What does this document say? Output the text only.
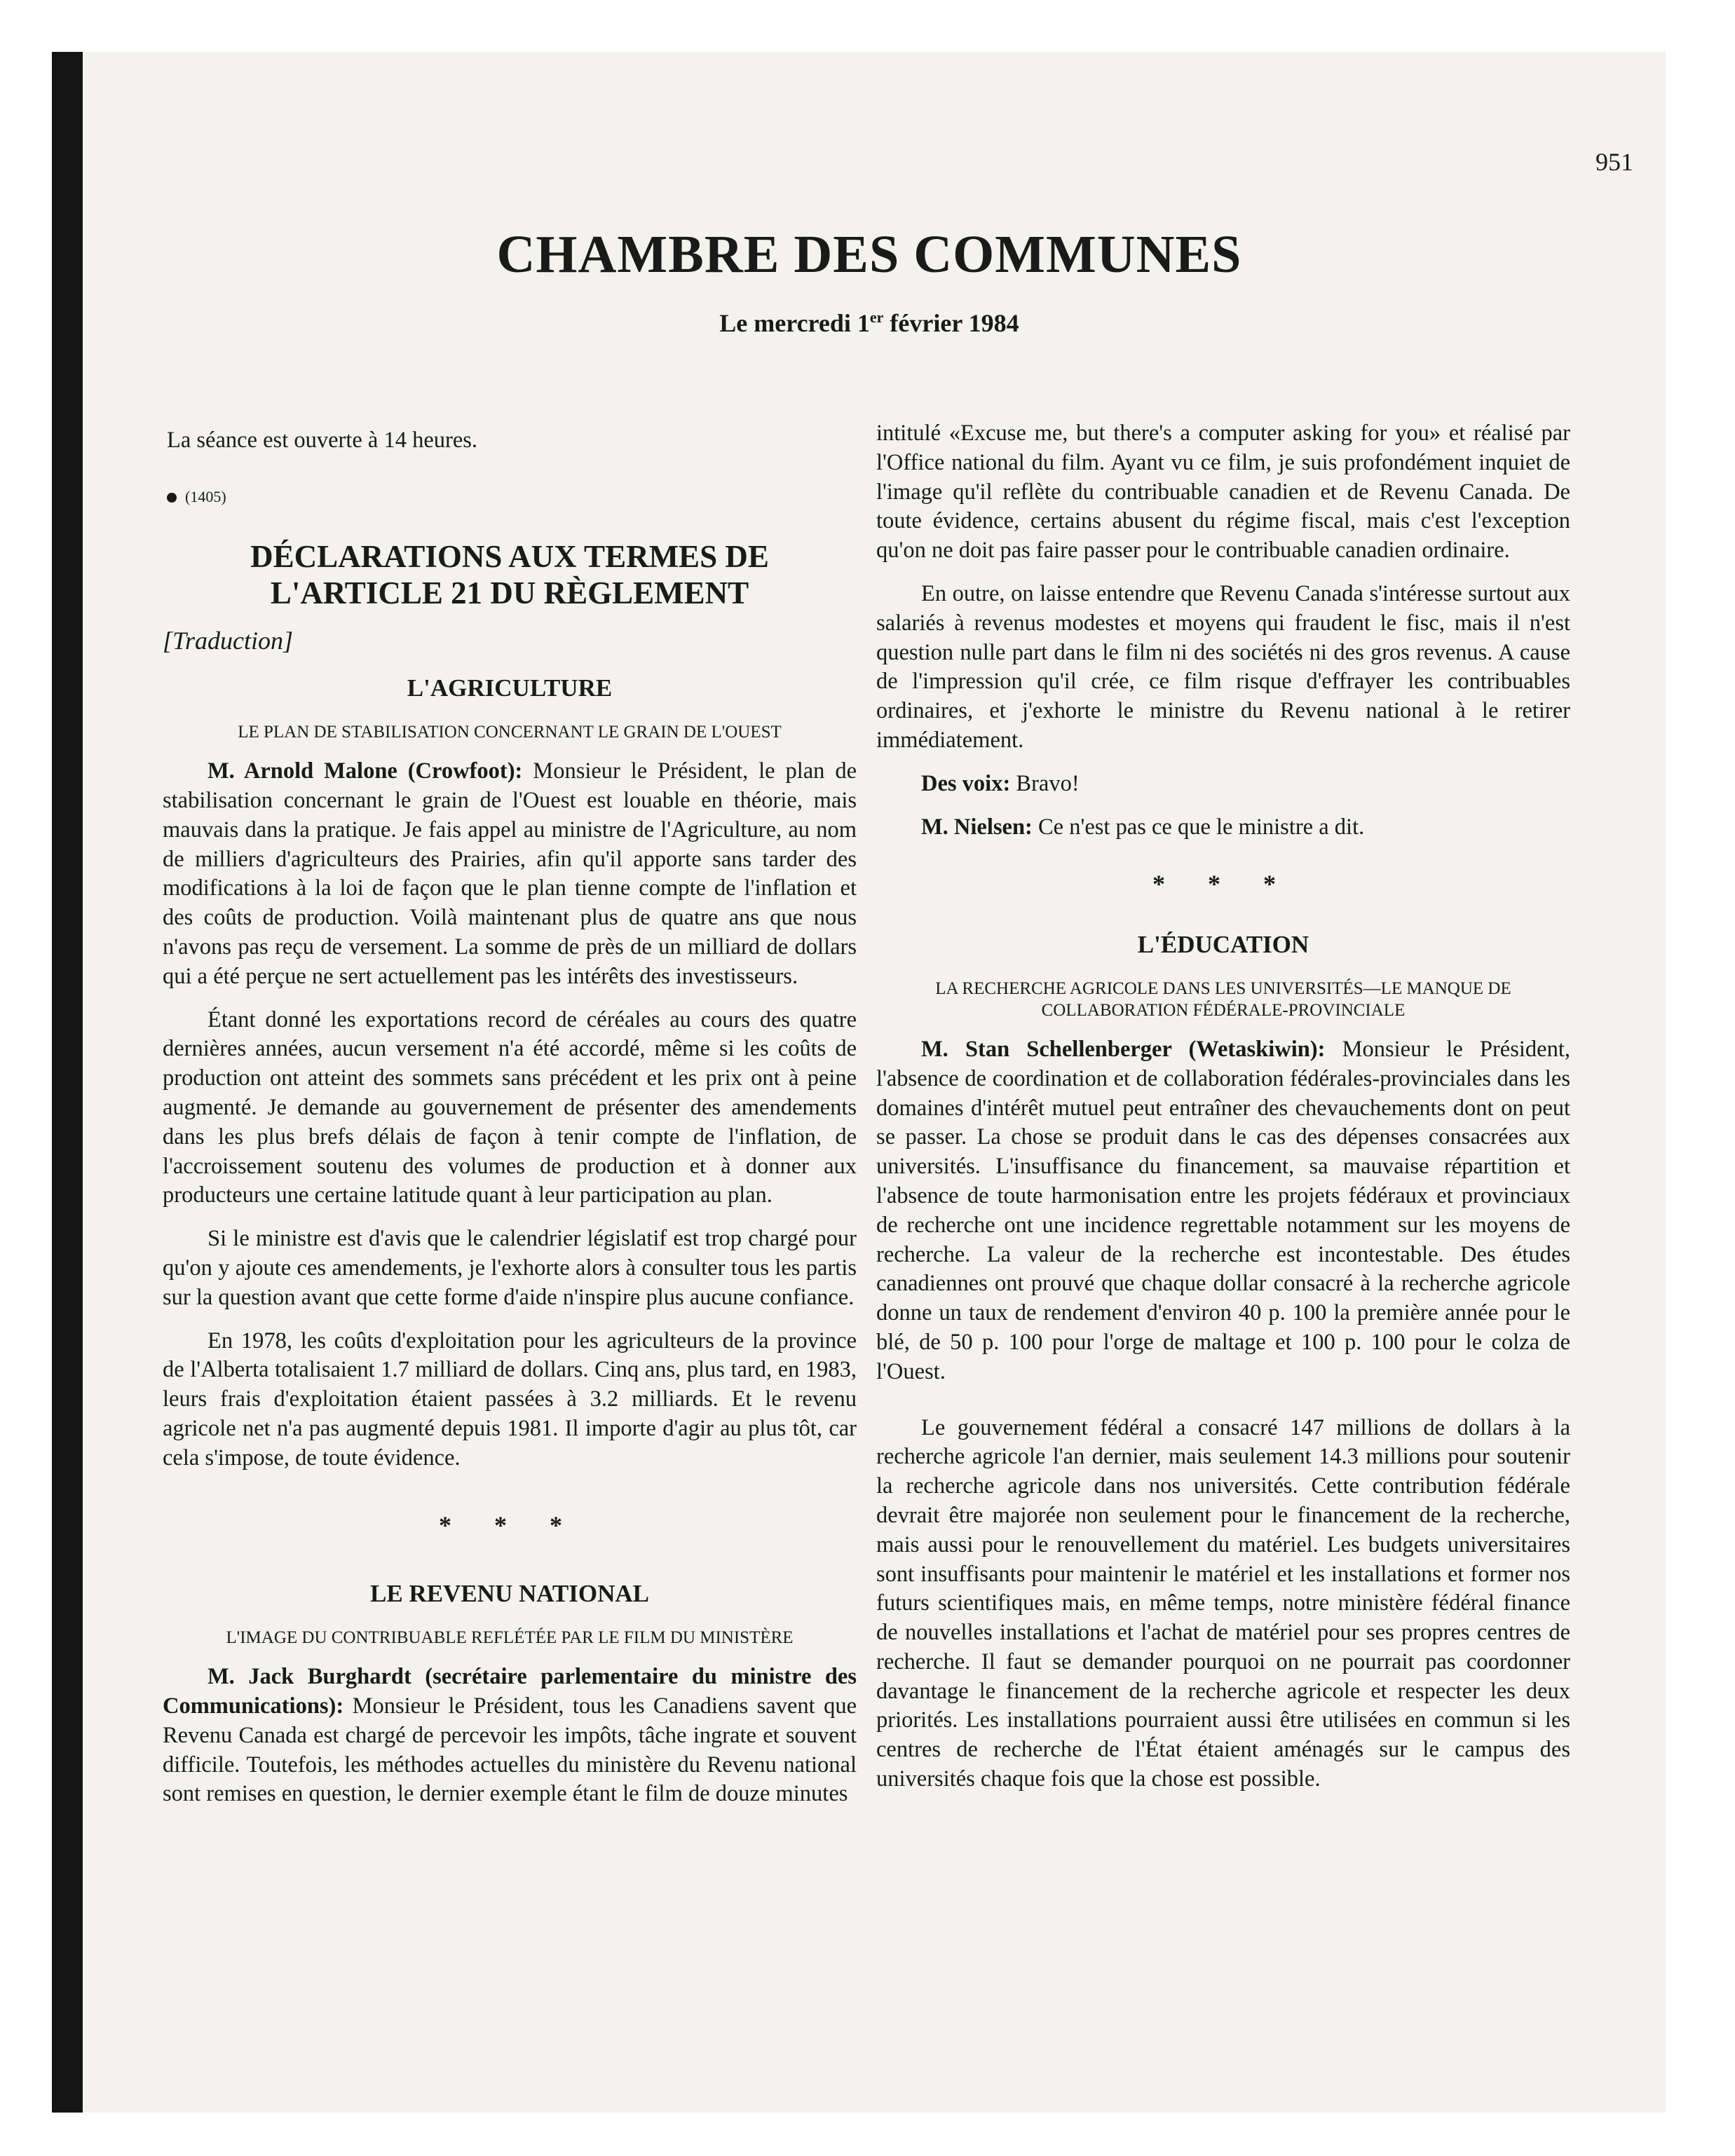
951
CHAMBRE DES COMMUNES
Le mercredi 1er février 1984

La séance est ouverte à 14 heures.

(1405)
DÉCLARATIONS AUX TERMES DE
L'ARTICLE 21 DU RÈGLEMENT
[Traduction]
L'AGRICULTURE
LE PLAN DE STABILISATION CONCERNANT LE GRAIN DE L'OUEST

M. Arnold Malone (Crowfoot): Monsieur le Président, le plan de stabilisation concernant le grain de l'Ouest est louable en théorie, mais mauvais dans la pratique. Je fais appel au ministre de l'Agriculture, au nom de milliers d'agriculteurs des Prairies, afin qu'il apporte sans tarder des modifications à la loi de façon que le plan tienne compte de l'inflation et des coûts de production. Voilà maintenant plus de quatre ans que nous n'avons pas reçu de versement. La somme de près de un milliard de dollars qui a été perçue ne sert actuellement pas les intérêts des investisseurs.

Étant donné les exportations record de céréales au cours des quatre dernières années, aucun versement n'a été accordé, même si les coûts de production ont atteint des sommets sans précédent et les prix ont à peine augmenté. Je demande au gouvernement de présenter des amendements dans les plus brefs délais de façon à tenir compte de l'inflation, de l'accroissement soutenu des volumes de production et à donner aux producteurs une certaine latitude quant à leur participation au plan.

Si le ministre est d'avis que le calendrier législatif est trop chargé pour qu'on y ajoute ces amendements, je l'exhorte alors à consulter tous les partis sur la question avant que cette forme d'aide n'inspire plus aucune confiance.

En 1978, les coûts d'exploitation pour les agriculteurs de la province de l'Alberta totalisaient 1.7 milliard de dollars. Cinq ans, plus tard, en 1983, leurs frais d'exploitation étaient passées à 3.2 milliards. Et le revenu agricole net n'a pas augmenté depuis 1981. Il importe d'agir au plus tôt, car cela s'impose, de toute évidence.

* * *
LE REVENU NATIONAL
L'IMAGE DU CONTRIBUABLE REFLÉTÉE PAR LE FILM DU MINISTÈRE

M. Jack Burghardt (secrétaire parlementaire du ministre des Communications): Monsieur le Président, tous les Canadiens savent que Revenu Canada est chargé de percevoir les impôts, tâche ingrate et souvent difficile. Toutefois, les méthodes actuelles du ministère du Revenu national sont remises en question, le dernier exemple étant le film de douze minutes

intitulé «Excuse me, but there's a computer asking for you» et réalisé par l'Office national du film. Ayant vu ce film, je suis profondément inquiet de l'image qu'il reflète du contribuable canadien et de Revenu Canada. De toute évidence, certains abusent du régime fiscal, mais c'est l'exception qu'on ne doit pas faire passer pour le contribuable canadien ordinaire.

En outre, on laisse entendre que Revenu Canada s'intéresse surtout aux salariés à revenus modestes et moyens qui fraudent le fisc, mais il n'est question nulle part dans le film ni des sociétés ni des gros revenus. A cause de l'impression qu'il crée, ce film risque d'effrayer les contribuables ordinaires, et j'exhorte le ministre du Revenu national à le retirer immédiatement.

Des voix: Bravo!

M. Nielsen: Ce n'est pas ce que le ministre a dit.

* * *
L'ÉDUCATION
LA RECHERCHE AGRICOLE DANS LES UNIVERSITÉS—LE MANQUE DE COLLABORATION FÉDÉRALE-PROVINCIALE

M. Stan Schellenberger (Wetaskiwin): Monsieur le Président, l'absence de coordination et de collaboration fédérales-provinciales dans les domaines d'intérêt mutuel peut entraîner des chevauchements dont on peut se passer. La chose se produit dans le cas des dépenses consacrées aux universités. L'insuffisance du financement, sa mauvaise répartition et l'absence de toute harmonisation entre les projets fédéraux et provinciaux de recherche ont une incidence regrettable notamment sur les moyens de recherche. La valeur de la recherche est incontestable. Des études canadiennes ont prouvé que chaque dollar consacré à la recherche agricole donne un taux de rendement d'environ 40 p. 100 la première année pour le blé, de 50 p. 100 pour l'orge de maltage et 100 p. 100 pour le colza de l'Ouest.

Le gouvernement fédéral a consacré 147 millions de dollars à la recherche agricole l'an dernier, mais seulement 14.3 millions pour soutenir la recherche agricole dans nos universités. Cette contribution fédérale devrait être majorée non seulement pour le financement de la recherche, mais aussi pour le renouvellement du matériel. Les budgets universitaires sont insuffisants pour maintenir le matériel et les installations et former nos futurs scientifiques mais, en même temps, notre ministère fédéral finance de nouvelles installations et l'achat de matériel pour ses propres centres de recherche. Il faut se demander pourquoi on ne pourrait pas coordonner davantage le financement de la recherche agricole et respecter les deux priorités. Les installations pourraient aussi être utilisées en commun si les centres de recherche de l'État étaient aménagés sur le campus des universités chaque fois que la chose est possible.
